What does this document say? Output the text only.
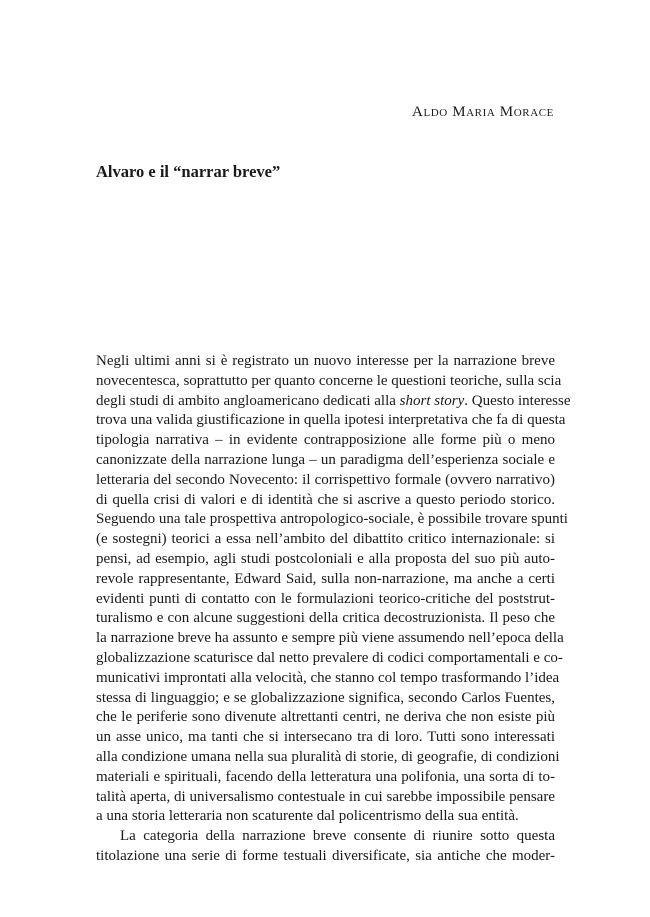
Aldo Maria Morace
Alvaro e il “narrar breve”
Negli ultimi anni si è registrato un nuovo interesse per la narrazione breve
novecentesca, soprattutto per quanto concerne le questioni teoriche, sulla scia
degli studi di ambito angloamericano dedicati alla short story. Questo interesse
trova una valida giustificazione in quella ipotesi interpretativa che fa di questa
tipologia narrativa – in evidente contrapposizione alle forme più o meno
canonizzate della narrazione lunga – un paradigma dell’esperienza sociale e
letteraria del secondo Novecento: il corrispettivo formale (ovvero narrativo)
di quella crisi di valori e di identità che si ascrive a questo periodo storico.
Seguendo una tale prospettiva antropologico-sociale, è possibile trovare spunti
(e sostegni) teorici a essa nell’ambito del dibattito critico internazionale: si
pensi, ad esempio, agli studi postcoloniali e alla proposta del suo più auto-
revole rappresentante, Edward Said, sulla non-narrazione, ma anche a certi
evidenti punti di contatto con le formulazioni teorico-critiche del poststrut-
turalismo e con alcune suggestioni della critica decostruzionista. Il peso che
la narrazione breve ha assunto e sempre più viene assumendo nell’epoca della
globalizzazione scaturisce dal netto prevalere di codici comportamentali e co-
municativi improntati alla velocità, che stanno col tempo trasformando l’idea
stessa di linguaggio; e se globalizzazione significa, secondo Carlos Fuentes,
che le periferie sono divenute altrettanti centri, ne deriva che non esiste più
un asse unico, ma tanti che si intersecano tra di loro. Tutti sono interessati
alla condizione umana nella sua pluralità di storie, di geografie, di condizioni
materiali e spirituali, facendo della letteratura una polifonia, una sorta di to-
talità aperta, di universalismo contestuale in cui sarebbe impossibile pensare
a una storia letteraria non scaturente dal policentrismo della sua entità.
La categoria della narrazione breve consente di riunire sotto questa
titolazione una serie di forme testuali diversificate, sia antiche che moder-
